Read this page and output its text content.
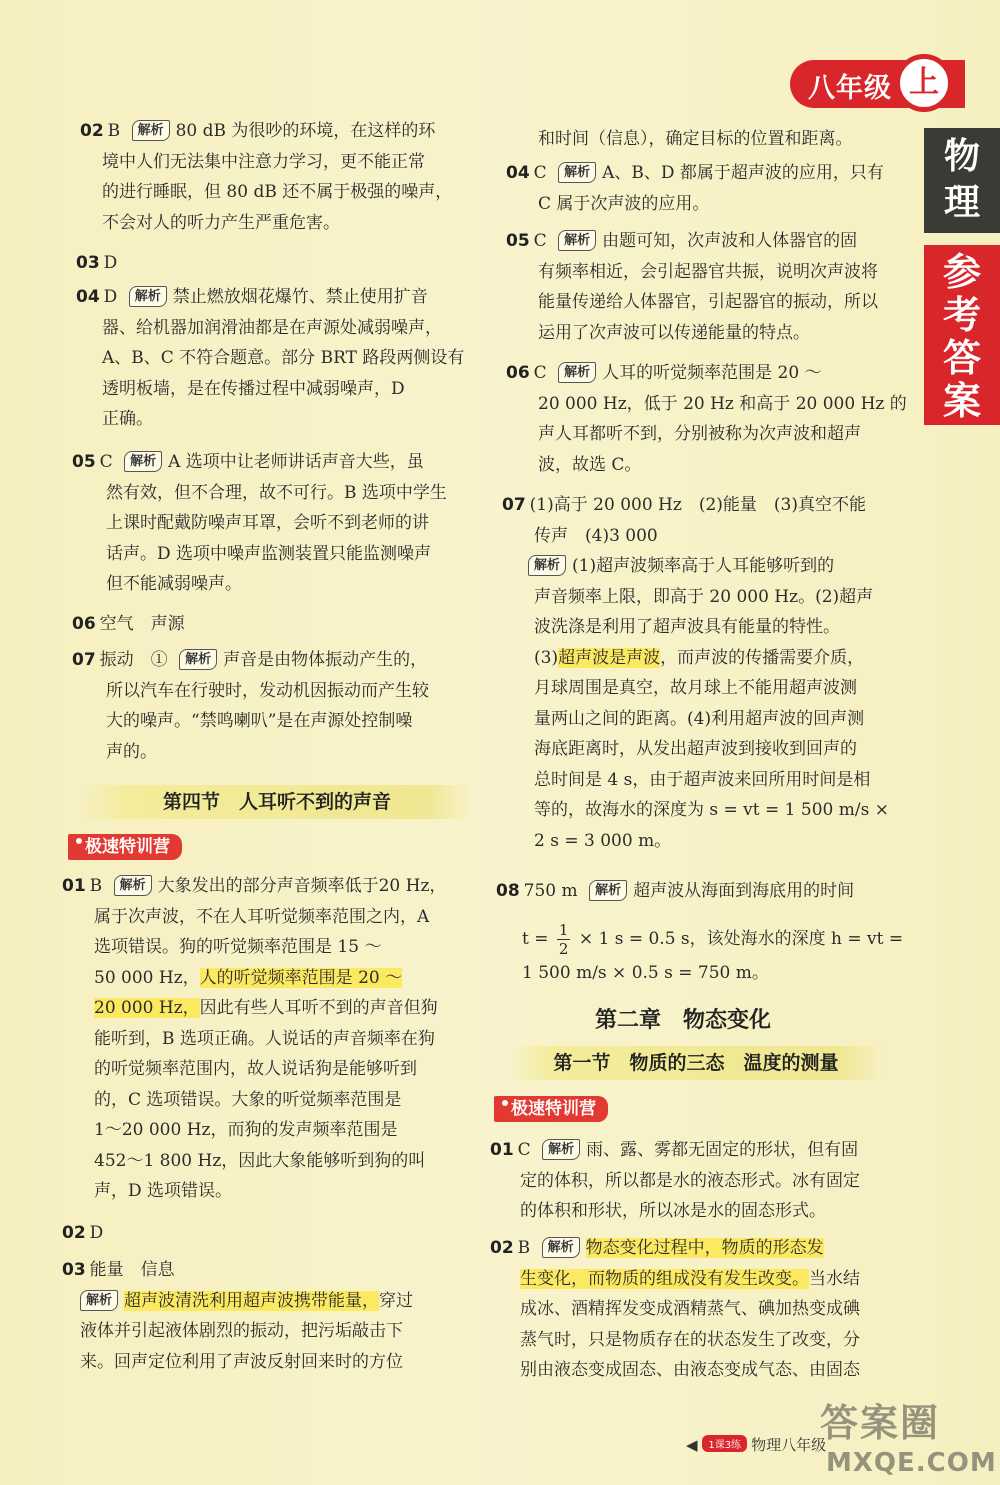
八年级 上
物理
参考答案
02 B 解析 80 dB 为很吵的环境，在这样的环
境中人们无法集中注意力学习，更不能正常
的进行睡眠，但 80 dB 还不属于极强的噪声，
不会对人的听力产生严重危害。
03 D
04 D 解析 禁止燃放烟花爆竹、禁止使用扩音
器、给机器加润滑油都是在声源处减弱噪声，
A、B、C 不符合题意。部分 BRT 路段两侧设有
透明板墙，是在传播过程中减弱噪声，D
正确。
05 C 解析 A 选项中让老师讲话声音大些，虽
然有效，但不合理，故不可行。B 选项中学生
上课时配戴防噪声耳罩，会听不到老师的讲
话声。D 选项中噪声监测装置只能监测噪声
但不能减弱噪声。
06 空气　声源
07 振动　① 解析 声音是由物体振动产生的，
所以汽车在行驶时，发动机因振动而产生较
大的噪声。“禁鸣喇叭”是在声源处控制噪
声的。
第四节　人耳听不到的声音
极速特训营
01 B 解析 大象发出的部分声音频率低于20 Hz，
属于次声波，不在人耳听觉频率范围之内，A
选项错误。狗的听觉频率范围是 15 ～
50 000 Hz，人的听觉频率范围是 20 ～
20 000 Hz，因此有些人耳听不到的声音但狗
能听到，B 选项正确。人说话的声音频率在狗
的听觉频率范围内，故人说话狗是能够听到
的，C 选项错误。大象的听觉频率范围是
1～20 000 Hz，而狗的发声频率范围是
452～1 800 Hz，因此大象能够听到狗的叫
声，D 选项错误。
02 D
03 能量　信息
解析 超声波清洗利用超声波携带能量，穿过
液体并引起液体剧烈的振动，把污垢敲击下
来。回声定位利用了声波反射回来时的方位
和时间（信息），确定目标的位置和距离。
04 C 解析 A、B、D 都属于超声波的应用，只有
C 属于次声波的应用。
05 C 解析 由题可知，次声波和人体器官的固
有频率相近，会引起器官共振，说明次声波将
能量传递给人体器官，引起器官的振动，所以
运用了次声波可以传递能量的特点。
06 C 解析 人耳的听觉频率范围是 20 ～
20 000 Hz，低于 20 Hz 和高于 20 000 Hz 的
声人耳都听不到，分别被称为次声波和超声
波，故选 C。
07 (1)高于 20 000 Hz　(2)能量　(3)真空不能
传声　(4)3 000
解析 (1)超声波频率高于人耳能够听到的
声音频率上限，即高于 20 000 Hz。(2)超声
波洗涤是利用了超声波具有能量的特性。
(3)超声波是声波，而声波的传播需要介质，
月球周围是真空，故月球上不能用超声波测
量两山之间的距离。(4)利用超声波的回声测
海底距离时，从发出超声波到接收到回声的
总时间是 4 s，由于超声波来回所用时间是相
等的，故海水的深度为 s = vt = 1 500 m/s ×
2 s = 3 000 m。
08 750 m 解析 超声波从海面到海底用的时间
$t = \frac{1}{2} \times 1$ s = 0.5 s，该处海水的深度 h = vt =
1 500 m/s × 0.5 s = 750 m。
第二章　物态变化
第一节　物质的三态　温度的测量
极速特训营
01 C 解析 雨、露、雾都无固定的形状，但有固
定的体积，所以都是水的液态形式。冰有固定
的体积和形状，所以冰是水的固态形式。
02 B 解析 物态变化过程中，物质的形态发
生变化，而物质的组成没有发生改变。当水结
成冰、酒精挥发变成酒精蒸气、碘加热变成碘
蒸气时，只是物质存在的状态发生了改变，分
别由液态变成固态、由液态变成气态、由固态
◀ 1课3练 物理八年级
答案圈
MXQE.COM
